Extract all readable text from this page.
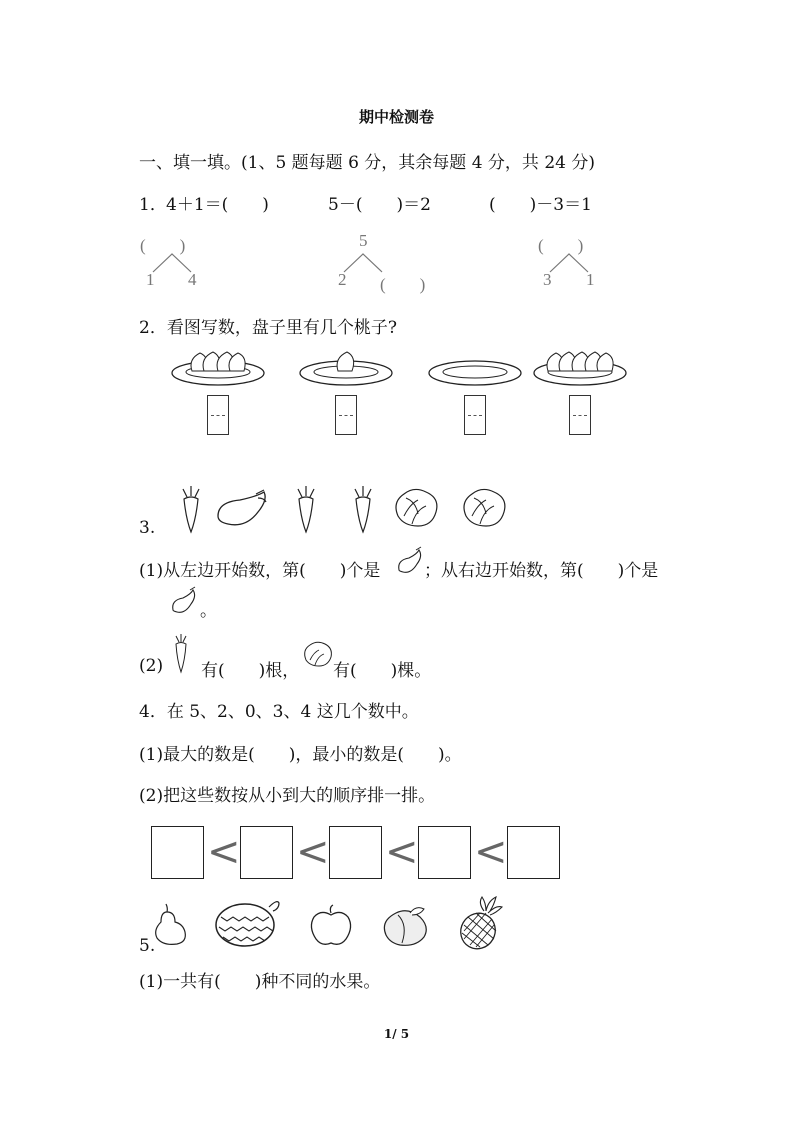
期中检测卷
一、填一填。(1、5 题每题 6 分，其余每题 4 分，共 24 分)
1． 4＋1＝(　　)	5－(　　)＝2	(　　)－3＝1
(　　)
1 4
5
2 (　　)
(　　)
3 1
2．看图写数，盘子里有几个桃子?
3.
(1)从左边开始数，第(　　)个是	；从右边开始数，第(　　)个是
。
(2) 有(　　)根， 有(　　)棵。
4．在 5、2、0、3、4 这几个数中。
(1)最大的数是(　　)，最小的数是(　　)。
(2)把这些数按从小到大的顺序排一排。
< < < <
5.
(1)一共有(　　)种不同的水果。
1/ 5
